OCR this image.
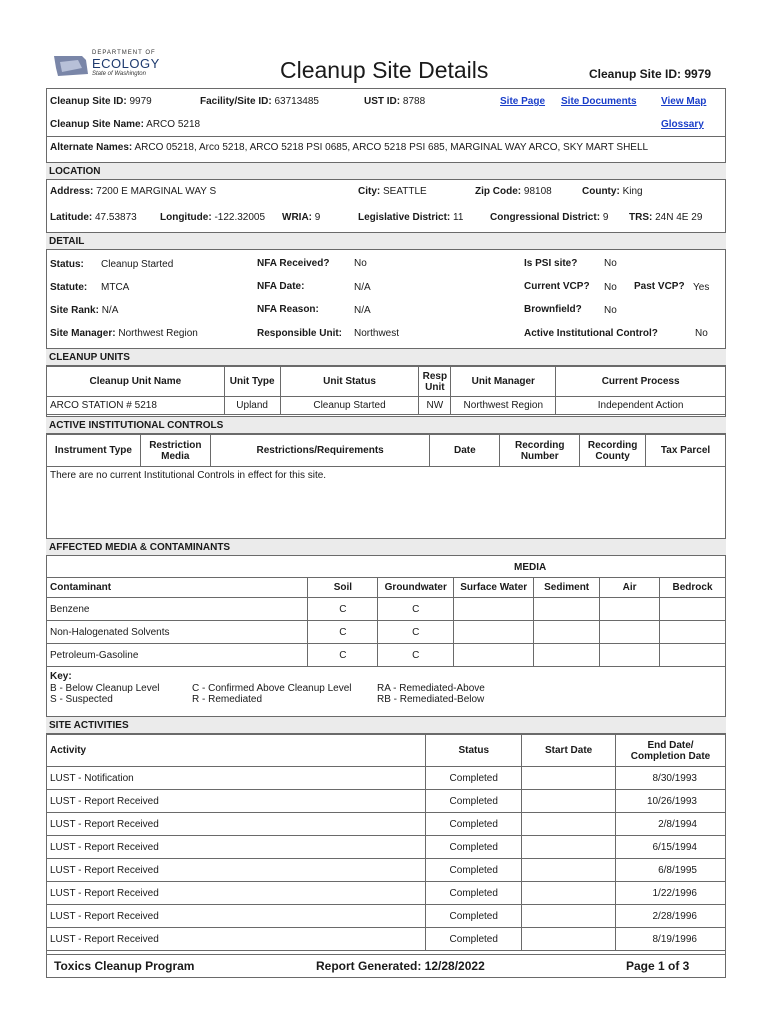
DEPARTMENT OF
ECOLOGY
State of Washington	Cleanup Site Details	Cleanup Site ID: 9979
Cleanup Site ID: 9979	Facility/Site ID: 63713485	UST ID: 8788	Site Page Site Documents View Map
Cleanup Site Name: ARCO 5218	Glossary
Alternate Names: ARCO 05218, Arco 5218, ARCO 5218 PSI 0685, ARCO 5218 PSI 685, MARGINAL WAY ARCO, SKY MART SHELL
LOCATION
Address: 7200 E MARGINAL WAY S	City: SEATTLE	Zip Code: 98108	County: King
Latitude: 47.53873 Longitude: -122.32005 WRIA: 9	Legislative District: 11	Congressional District: 9 TRS: 24N 4E 29
DETAIL
Status: Cleanup Started	NFA Received? No	Is PSI site?	No
Statute: MTCA	NFA Date:	N/A	Current VCP? No Past VCP? Yes
Site Rank: N/A	NFA Reason:	N/A	Brownfield? No
Site Manager: Northwest Region	Responsible Unit: Northwest	Active Institutional Control?	No
CLEANUP UNITS
Cleanup Unit Name	Unit Type	Unit Status	Resp Unit	Unit Manager	Current Process
ARCO STATION # 5218	Upland	Cleanup Started	NW	Northwest Region	Independent Action
ACTIVE INSTITUTIONAL CONTROLS
Instrument Type	Restriction Media	Restrictions/Requirements	Date	Recording Number	Recording County	Tax Parcel
There are no current Institutional Controls in effect for this site.
AFFECTED MEDIA & CONTAMINANTS
MEDIA
Contaminant	Soil	Groundwater	Surface Water	Sediment	Air	Bedrock
Benzene	C	C				
Non-Halogenated Solvents	C	C				
Petroleum-Gasoline	C	C				
Key:
B - Below Cleanup Level	C - Confirmed Above Cleanup Level	RA - Remediated-Above
S - Suspected	R - Remediated	RB - Remediated-Below
SITE ACTIVITIES
Activity	Status	Start Date	End Date/ Completion Date
LUST - Notification	Completed		8/30/1993
LUST - Report Received	Completed		10/26/1993
LUST - Report Received	Completed		2/8/1994
LUST - Report Received	Completed		6/15/1994
LUST - Report Received	Completed		6/8/1995
LUST - Report Received	Completed		1/22/1996
LUST - Report Received	Completed		2/28/1996
LUST - Report Received	Completed		8/19/1996
Toxics Cleanup Program	Report Generated: 12/28/2022	Page 1 of 3
